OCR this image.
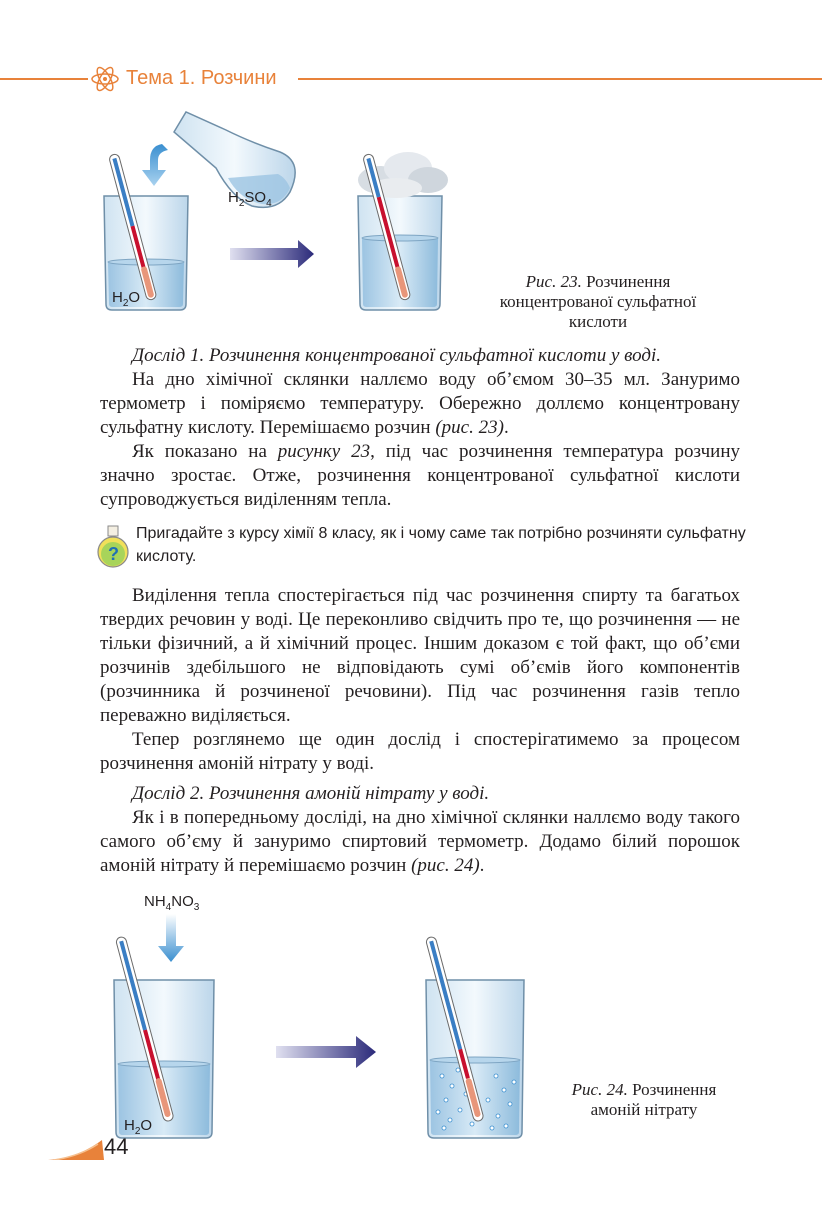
Тема 1. Розчини
$H_2SO_4$
$H_2O$
Рис. 23. Розчинення
концентрованої сульфатної
кислоти

Дослід 1. Розчинення концентрованої сульфатної кислоти у воді.

На дно хімічної склянки наллємо воду об’ємом 30–35 мл. Зануримо термометр і поміряємо температуру. Обережно доллємо концентровану сульфатну кислоту. Перемішаємо розчин (рис. 23).

Як показано на рисунку 23, під час розчинення температура розчину значно зростає. Отже, розчинення концентрованої сульфатної кислоти супроводжується виділенням тепла.

?
Пригадайте з курсу хімії 8 класу, як і чому саме так потрібно розчиняти сульфатну кислоту.

Виділення тепла спостерігається під час розчинення спирту та багатьох твердих речовин у воді. Це переконливо свідчить про те, що розчинення — не тільки фізичний, а й хімічний процес. Іншим доказом є той факт, що об’єми розчинів здебільшого не відповідають сумі об’ємів його компонентів (розчинника й розчиненої речовини). Під час розчинення газів тепло переважно виділяється.

Тепер розглянемо ще один дослід і спостерігатимемо за процесом розчинення амоній нітрату у воді.

Дослід 2. Розчинення амоній нітрату у воді.

Як і в попередньому досліді, на дно хімічної склянки наллємо воду такого самого об’єму й зануримо спиртовий термометр. Додамо білий порошок амоній нітрату й перемішаємо розчин (рис. 24).

$NH_4NO_3$
$H_2O$
Рис. 24. Розчинення
амоній нітрату
44
